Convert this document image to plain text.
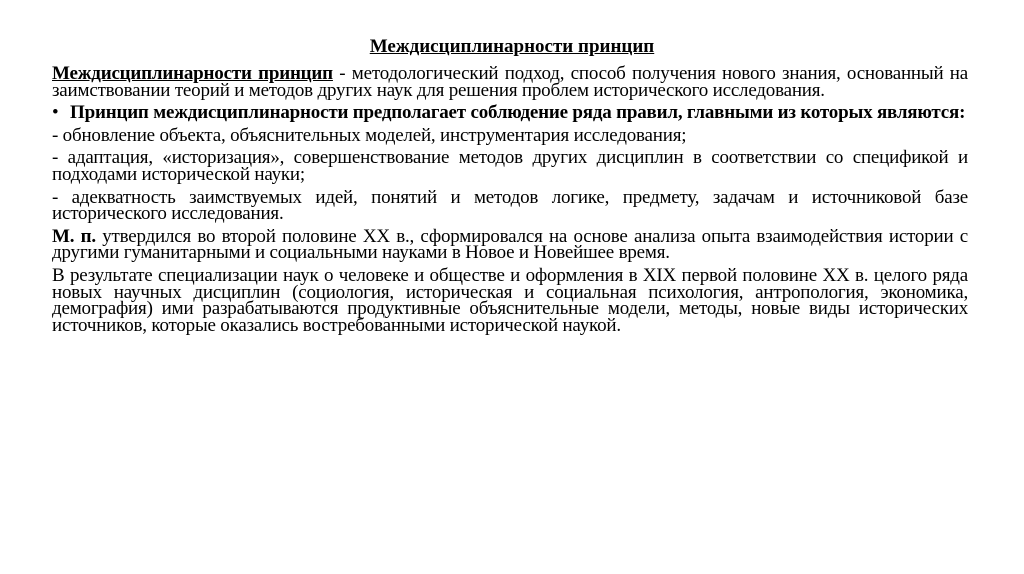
Междисциплинарности принцип

Междисциплинарности принцип - методологический подход, способ получения нового знания, основанный на заимствовании теорий и методов других наук для решения проблем исторического исследования.

• Принцип междисциплинарности предполагает соблюдение ряда правил, главными из которых являются:

- обновление объекта, объяснительных моделей, инструментария исследования;

- адаптация, «историзация», совершенствование методов других дисциплин в соответствии со спецификой и подходами исторической науки;

- адекватность заимствуемых идей, понятий и методов логике, предмету, задачам и источниковой базе исторического исследования.

М. п. утвердился во второй половине XX в., сформировался на основе анализа опыта взаимодействия истории с другими гуманитарными и социальными науками в Новое и Новейшее время.

В результате специализации наук о человеке и обществе и оформления в XIX первой половине XX в. целого ряда новых научных дисциплин (социология, историческая и социальная психология, антропология, экономика, демография) ими разрабатываются продуктивные объяснительные модели, методы, новые виды исторических источников, которые оказались востребованными исторической наукой.
